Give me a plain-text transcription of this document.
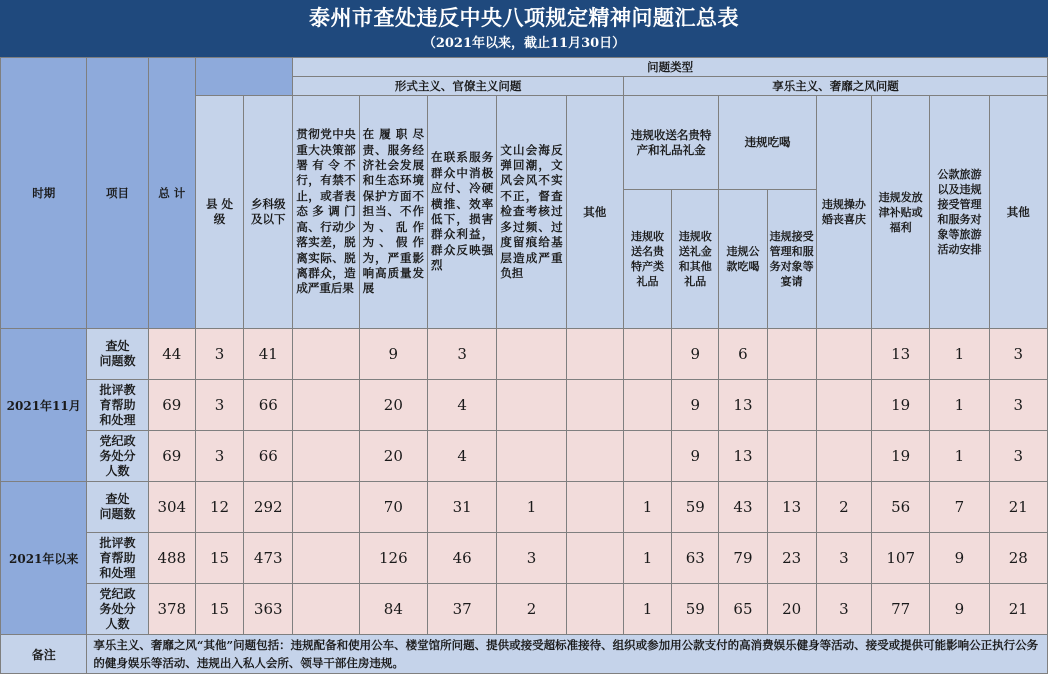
泰州市查处违反中央八项规定精神问题汇总表
（2021年以来，截止11月30日）
时期	项目	总 计			问题类型												
					形式主义、官僚主义问题					享乐主义、奢靡之风问题							
			县 处
级	乡科级
及以下	贯彻党中央重大决策部署有令不行，有禁不止，或者表态多调门高、行动少落实差，脱离实际、脱离群众，造成严重后果	在履职尽责、服务经济社会发展和生态环境保护方面不担当、不作为、乱作为、假作为，严重影响高质量发展	在联系服务群众中消极应付、冷硬横推、效率低下，损害群众利益，群众反映强烈	文山会海反弹回潮，文风会风不实不正，督查检查考核过多过频、过度留痕给基层造成严重负担	其他	违规收送名贵特产和礼品礼金		违规吃喝		违规操办婚丧喜庆	违规发放津补贴或福利	公款旅游以及违规接受管理和服务对象等旅游活动安排	其他
										违规收送名贵特产类礼品	违规收送礼金和其他礼品	违规公款吃喝	违规接受管理和服务对象等宴请				
2021年11月	查处
问题数	44	3	41		9	3				9	6			13	1	3
	批评教
育帮助
和处理	69	3	66		20	4				9	13			19	1	3
	党纪政
务处分
人数	69	3	66		20	4				9	13			19	1	3
2021年以来	查处
问题数	304	12	292		70	31	1		1	59	43	13	2	56	7	21
	批评教
育帮助
和处理	488	15	473		126	46	3		1	63	79	23	3	107	9	28
	党纪政
务处分
人数	378	15	363		84	37	2		1	59	65	20	3	77	9	21
备注	享乐主义、奢靡之风“其他”问题包括：违规配备和使用公车、楼堂馆所问题、提供或接受超标准接待、组织或参加用公款支付的高消费娱乐健身等活动、接受或提供可能影响公正执行公务的健身娱乐等活动、违规出入私人会所、领导干部住房违规。																
